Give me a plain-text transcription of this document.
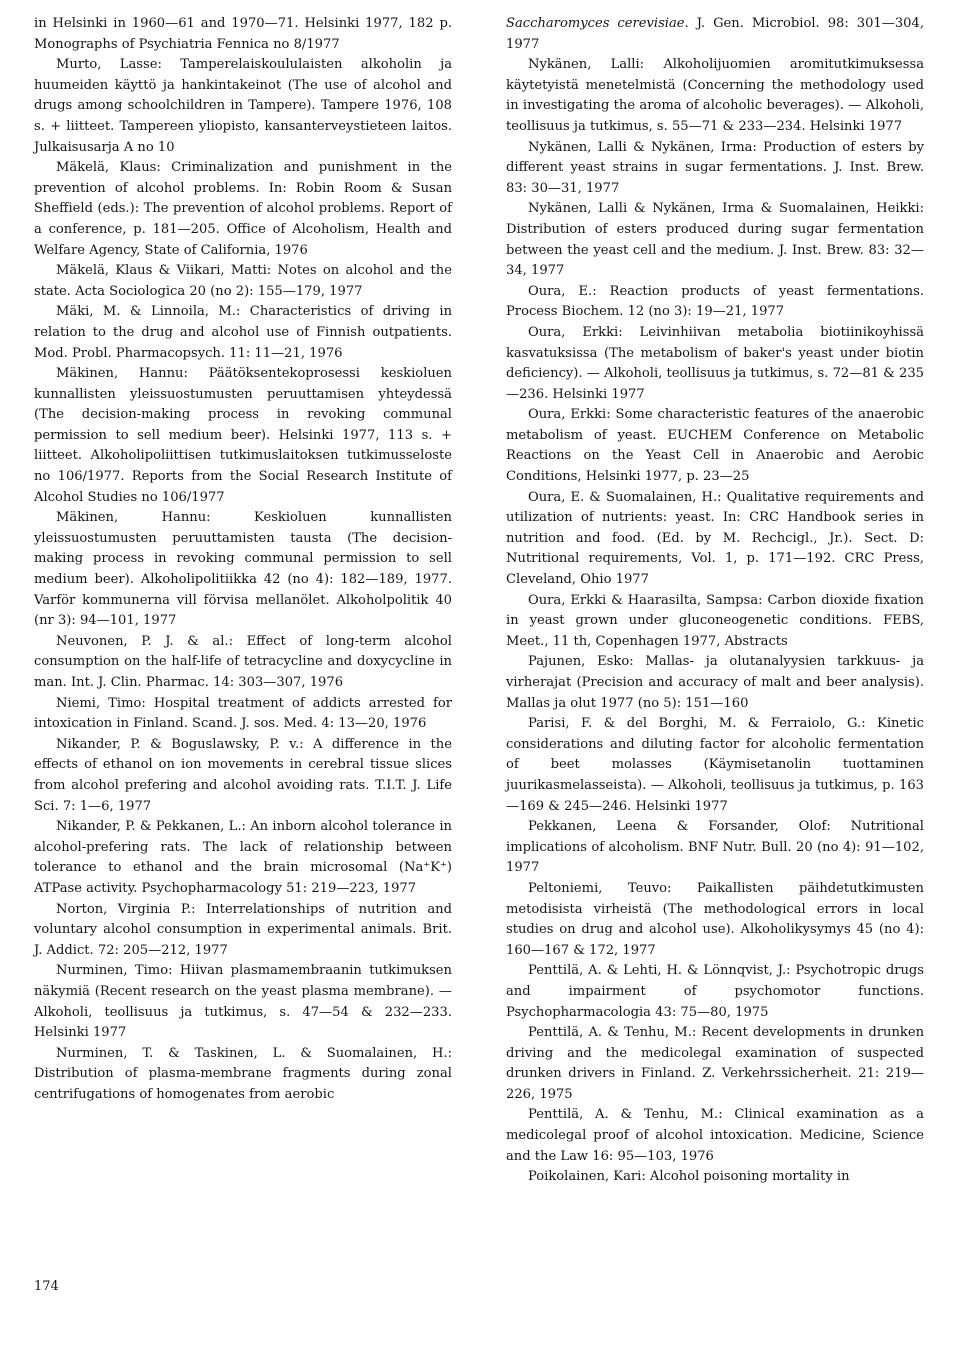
in Helsinki in 1960—61 and 1970—71. Helsinki 1977, 182 p. Monographs of Psychiatria Fennica no 8/1977

Murto, Lasse: Tamperelaiskoululaisten alkoholin ja huumeiden käyttö ja hankintakeinot (The use of alcohol and drugs among schoolchildren in Tampere). Tampere 1976, 108 s. + liitteet. Tampereen yliopisto, kansanterveystieteen laitos. Julkaisusarja A no 10

Mäkelä, Klaus: Criminalization and punishment in the prevention of alcohol problems. In: Robin Room & Susan Sheffield (eds.): The prevention of alcohol problems. Report of a conference, p. 181—205. Office of Alcoholism, Health and Welfare Agency, State of California, 1976

Mäkelä, Klaus & Viikari, Matti: Notes on alcohol and the state. Acta Sociologica 20 (no 2): 155—179, 1977

Mäki, M. & Linnoila, M.: Characteristics of driving in relation to the drug and alcohol use of Finnish outpatients. Mod. Probl. Pharmacopsych. 11: 11—21, 1976

Mäkinen, Hannu: Päätöksentekoprosessi keskioluen kunnallisten yleissuostumusten peruuttamisen yhteydessä (The decision-making process in revoking communal permission to sell medium beer). Helsinki 1977, 113 s. + liitteet. Alkoholipoliittisen tutkimuslaitoksen tutkimusseloste no 106/1977. Reports from the Social Research Institute of Alcohol Studies no 106/1977

Mäkinen, Hannu: Keskioluen kunnallisten yleissuostumusten peruuttamisten tausta (The decision-making process in revoking communal permission to sell medium beer). Alkoholipolitiikka 42 (no 4): 182—189, 1977. Varför kommunerna vill förvisa mellanölet. Alkoholpolitik 40 (nr 3): 94—101, 1977

Neuvonen, P. J. & al.: Effect of long-term alcohol consumption on the half-life of tetracycline and doxycycline in man. Int. J. Clin. Pharmac. 14: 303—307, 1976

Niemi, Timo: Hospital treatment of addicts arrested for intoxication in Finland. Scand. J. sos. Med. 4: 13—20, 1976

Nikander, P. & Boguslawsky, P. v.: A difference in the effects of ethanol on ion movements in cerebral tissue slices from alcohol prefering and alcohol avoiding rats. T.I.T. J. Life Sci. 7: 1—6, 1977

Nikander, P. & Pekkanen, L.: An inborn alcohol tolerance in alcohol-prefering rats. The lack of relationship between tolerance to ethanol and the brain microsomal (Na⁺K⁺) ATPase activity. Psychopharmacology 51: 219—223, 1977

Norton, Virginia P.: Interrelationships of nutrition and voluntary alcohol consumption in experimental animals. Brit. J. Addict. 72: 205—212, 1977

Nurminen, Timo: Hiivan plasmamembraanin tutkimuksen näkymiä (Recent research on the yeast plasma membrane). — Alkoholi, teollisuus ja tutkimus, s. 47—54 & 232—233. Helsinki 1977

Nurminen, T. & Taskinen, L. & Suomalainen, H.: Distribution of plasma-membrane fragments during zonal centrifugations of homogenates from aerobic

Saccharomyces cerevisiae. J. Gen. Microbiol. 98: 301—304, 1977

Nykänen, Lalli: Alkoholijuomien aromitutkimuksessa käytetyistä menetelmistä (Concerning the methodology used in investigating the aroma of alcoholic beverages). — Alkoholi, teollisuus ja tutkimus, s. 55—71 & 233—234. Helsinki 1977

Nykänen, Lalli & Nykänen, Irma: Production of esters by different yeast strains in sugar fermentations. J. Inst. Brew. 83: 30—31, 1977

Nykänen, Lalli & Nykänen, Irma & Suomalainen, Heikki: Distribution of esters produced during sugar fermentation between the yeast cell and the medium. J. Inst. Brew. 83: 32—34, 1977

Oura, E.: Reaction products of yeast fermentations. Process Biochem. 12 (no 3): 19—21, 1977

Oura, Erkki: Leivinhiivan metabolia biotiinikoyhissä kasvatuksissa (The metabolism of baker's yeast under biotin deficiency). — Alkoholi, teollisuus ja tutkimus, s. 72—81 & 235—236. Helsinki 1977

Oura, Erkki: Some characteristic features of the anaerobic metabolism of yeast. EUCHEM Conference on Metabolic Reactions on the Yeast Cell in Anaerobic and Aerobic Conditions, Helsinki 1977, p. 23—25

Oura, E. & Suomalainen, H.: Qualitative requirements and utilization of nutrients: yeast. In: CRC Handbook series in nutrition and food. (Ed. by M. Rechcigl., Jr.). Sect. D: Nutritional requirements, Vol. 1, p. 171—192. CRC Press, Cleveland, Ohio 1977

Oura, Erkki & Haarasilta, Sampsa: Carbon dioxide fixation in yeast grown under gluconeogenetic conditions. FEBS, Meet., 11 th, Copenhagen 1977, Abstracts

Pajunen, Esko: Mallas- ja olutanalyysien tarkkuus- ja virherajat (Precision and accuracy of malt and beer analysis). Mallas ja olut 1977 (no 5): 151—160

Parisi, F. & del Borghi, M. & Ferraiolo, G.: Kinetic considerations and diluting factor for alcoholic fermentation of beet molasses (Käymisetanolin tuottaminen juurikasmelasseista). — Alkoholi, teollisuus ja tutkimus, p. 163—169 & 245—246. Helsinki 1977

Pekkanen, Leena & Forsander, Olof: Nutritional implications of alcoholism. BNF Nutr. Bull. 20 (no 4): 91—102, 1977

Peltoniemi, Teuvo: Paikallisten päihdetutkimusten metodisista virheistä (The methodological errors in local studies on drug and alcohol use). Alkoholikysymys 45 (no 4): 160—167 & 172, 1977

Penttilä, A. & Lehti, H. & Lönnqvist, J.: Psychotropic drugs and impairment of psychomotor functions. Psychopharmacologia 43: 75—80, 1975

Penttilä, A. & Tenhu, M.: Recent developments in drunken driving and the medicolegal examination of suspected drunken drivers in Finland. Z. Verkehrssicherheit. 21: 219—226, 1975

Penttilä, A. & Tenhu, M.: Clinical examination as a medicolegal proof of alcohol intoxication. Medicine, Science and the Law 16: 95—103, 1976

Poikolainen, Kari: Alcohol poisoning mortality in

174
